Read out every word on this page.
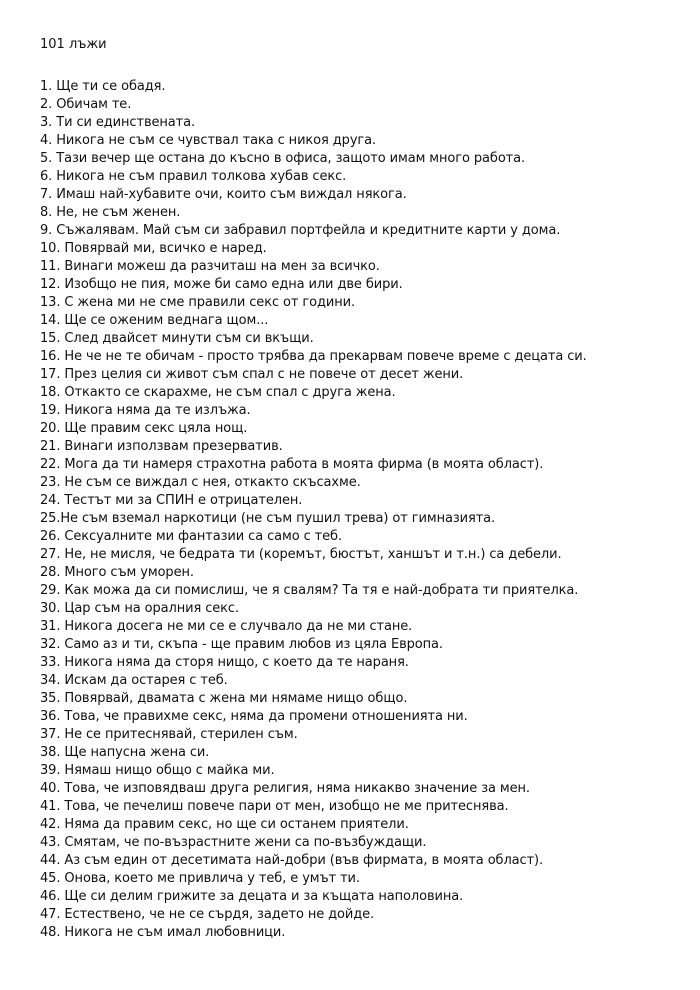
101 лъжи
1. Ще ти се обадя.
2. Обичам те.
3. Ти си единствената.
4. Никога не съм се чувствал така с никоя друга.
5. Тази вечер ще остана до късно в офиса, защото имам много работа.
6. Никога не съм правил толкова хубав секс.
7. Имаш най-хубавите очи, които съм виждал някога.
8. Не, не съм женен.
9. Съжалявам. Май съм си забравил портфейла и кредитните карти у дома.
10. Повярвай ми, всичко е наред.
11. Винаги можеш да разчиташ на мен за всичко.
12. Изобщо не пия, може би само една или две бири.
13. С жена ми не сме правили секс от години.
14. Ще се оженим веднага щом...
15. След двайсет минути съм си вкъщи.
16. Не че не те обичам - просто трябва да прекарвам повече време с децата си.
17. През целия си живот съм спал с не повече от десет жени.
18. Откакто се скарахме, не съм спал с друга жена.
19. Никога няма да те излъжа.
20. Ще правим секс цяла нощ.
21. Винаги използвам презерватив.
22. Мога да ти намеря страхотна работа в моята фирма (в моята област).
23. Не съм се виждал с нея, откакто скъсахме.
24. Тестът ми за СПИН е отрицателен.
25.Не съм вземал наркотици (не съм пушил трева) от гимназията.
26. Сексуалните ми фантазии са само с теб.
27. Не, не мисля, че бедрата ти (коремът, бюстът, ханшът и т.н.) са дебели.
28. Много съм уморен.
29. Как можа да си помислиш, че я свалям? Та тя е най-добрата ти приятелка.
30. Цар съм на оралния секс.
31. Никога досега не ми се е случвало да не ми стане.
32. Само аз и ти, скъпа - ще правим любов из цяла Европа.
33. Никога няма да сторя нищо, с което да те нараня.
34. Искам да остарея с теб.
35. Повярвай, двамата с жена ми нямаме нищо общо.
36. Това, че правихме секс, няма да промени отношенията ни.
37. Не се притеснявай, стерилен съм.
38. Ще напусна жена си.
39. Нямаш нищо общо с майка ми.
40. Това, че изповядваш друга религия, няма никакво значение за мен.
41. Това, че печелиш повече пари от мен, изобщо не ме притеснява.
42. Няма да правим секс, но ще си останем приятели.
43. Смятам, че по-възрастните жени са по-възбуждащи.
44. Аз съм един от десетимата най-добри (във фирмата, в моята област).
45. Онова, което ме привлича у теб, е умът ти.
46. Ще си делим грижите за децата и за къщата наполовина.
47. Естествено, че не се сърдя, задето не дойде.
48. Никога не съм имал любовници.
